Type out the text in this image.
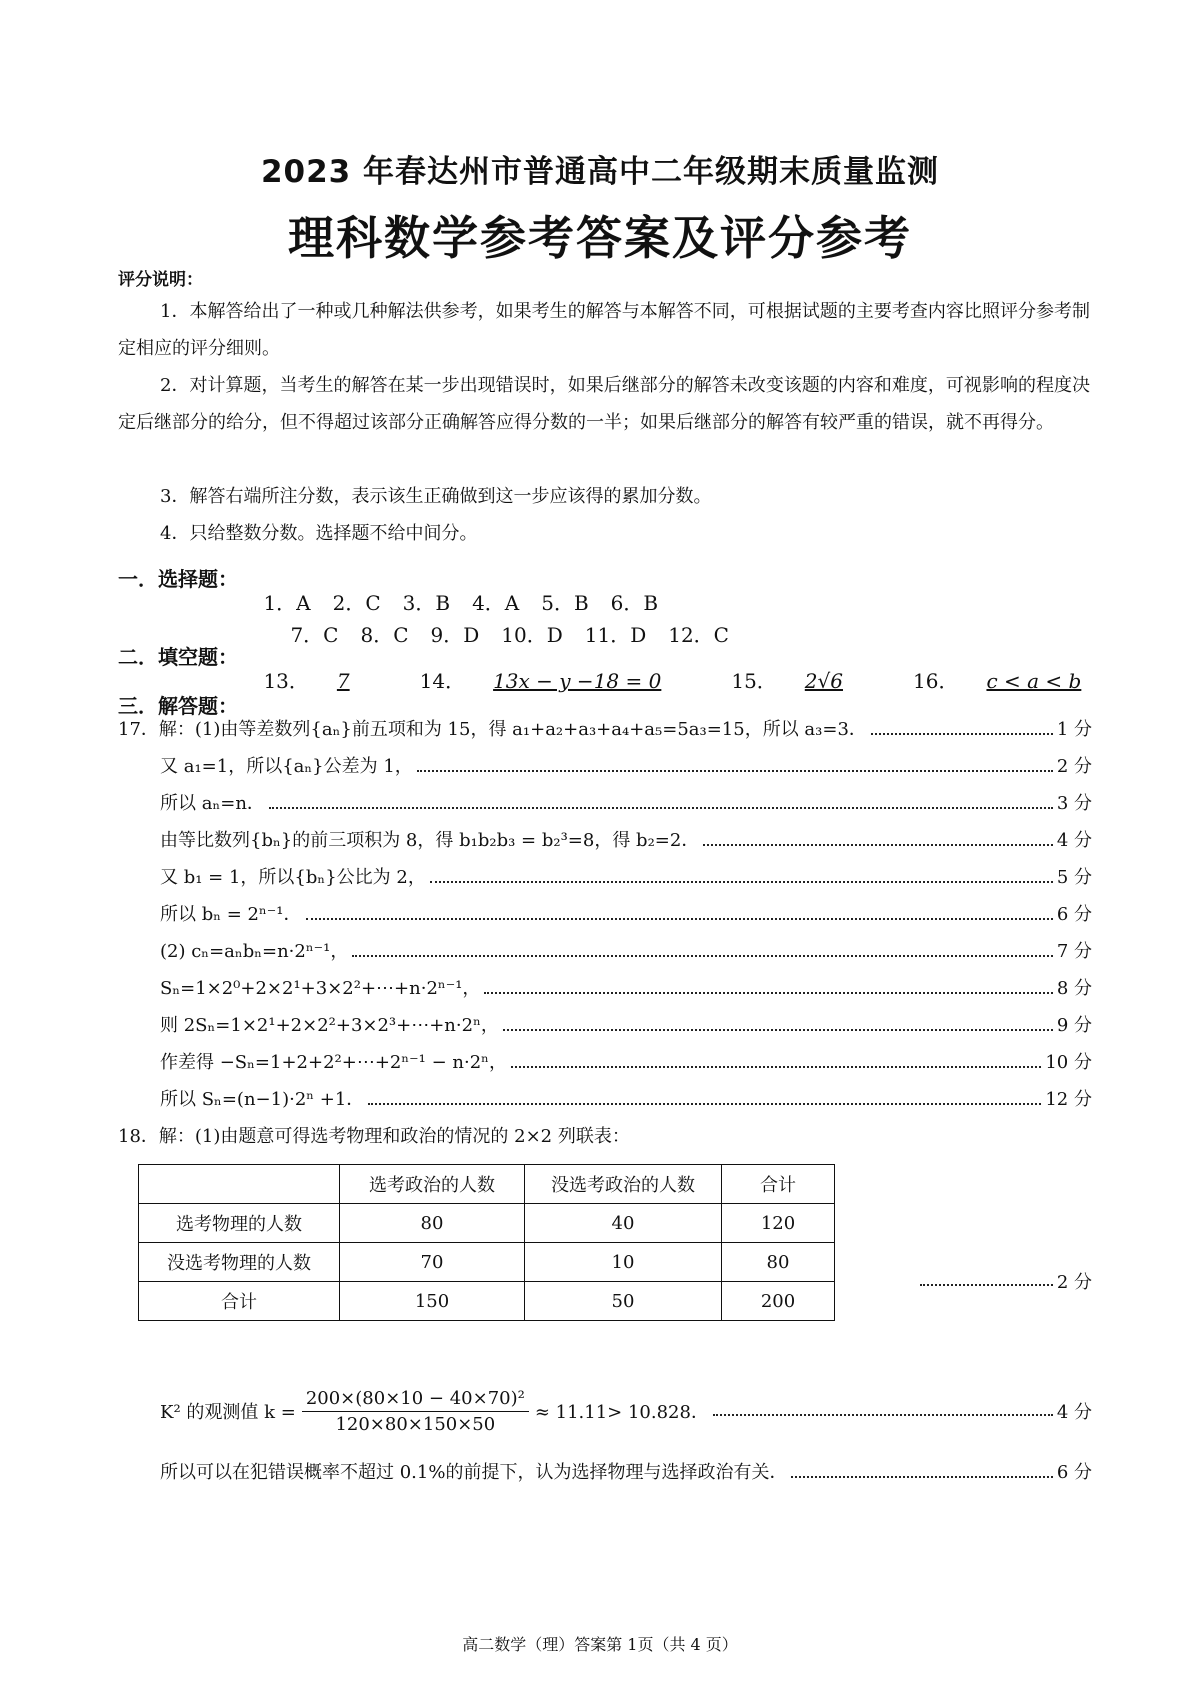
2023 年春达州市普通高中二年级期末质量监测
理科数学参考答案及评分参考
评分说明：
1．本解答给出了一种或几种解法供参考，如果考生的解答与本解答不同，可根据试题的主要考查内容比照评分参考制定相应的评分细则。
2．对计算题，当考生的解答在某一步出现错误时，如果后继部分的解答未改变该题的内容和难度，可视影响的程度决定后继部分的给分，但不得超过该部分正确解答应得分数的一半；如果后继部分的解答有较严重的错误，就不再得分。
3．解答右端所注分数，表示该生正确做到这一步应该得的累加分数。
4．只给整数分数。选择题不给中间分。
一．选择题：

1．A 2．C 3．B 4．A 5．B 6．B

7．C 8．C 9．D 10．D 11．D 12．C

二．填空题：

13． 7	14． 13x − y −18 = 0	15． 2√6	16． c < a < b

三．解答题：
17． 解：(1)由等差数列{aₙ}前五项和为 15，得 a₁+a₂+a₃+a₄+a₅=5a₃=15，所以 a₃=3．	1 分
又 a₁=1，所以{aₙ}公差为 1，	2 分
所以 aₙ=n．	3 分
由等比数列{bₙ}的前三项积为 8，得 b₁b₂b₃ = b₂³=8，得 b₂=2．	4 分
又 b₁ = 1，所以{bₙ}公比为 2，	5 分
所以 bₙ = 2ⁿ⁻¹．	6 分
(2) cₙ=aₙbₙ=n·2ⁿ⁻¹，	7 分
Sₙ=1×2⁰+2×2¹+3×2²+⋯+n·2ⁿ⁻¹，	8 分
则 2Sₙ=1×2¹+2×2²+3×2³+⋯+n·2ⁿ，	9 分
作差得 −Sₙ=1+2+2²+⋯+2ⁿ⁻¹ − n·2ⁿ，	10 分
所以 Sₙ=(n−1)·2ⁿ +1．	12 分
18． 解：(1)由题意可得选考物理和政治的情况的 2×2 列联表：
	选考政治的人数	没选考政治的人数	合计
选考物理的人数	80	40	120
没选考物理的人数	70	10	80
合计	150	50	200
2 分
K² 的观测值 $k = \frac{\text{200×(80×10 − 40×70)²}}{120\times 80\times 150\times 50} \approx 11.11> 10.828$．	4 分
所以可以在犯错误概率不超过 0.1%的前提下，认为选择物理与选择政治有关．	6 分
高二数学（理）答案第 1页（共 4 页）
